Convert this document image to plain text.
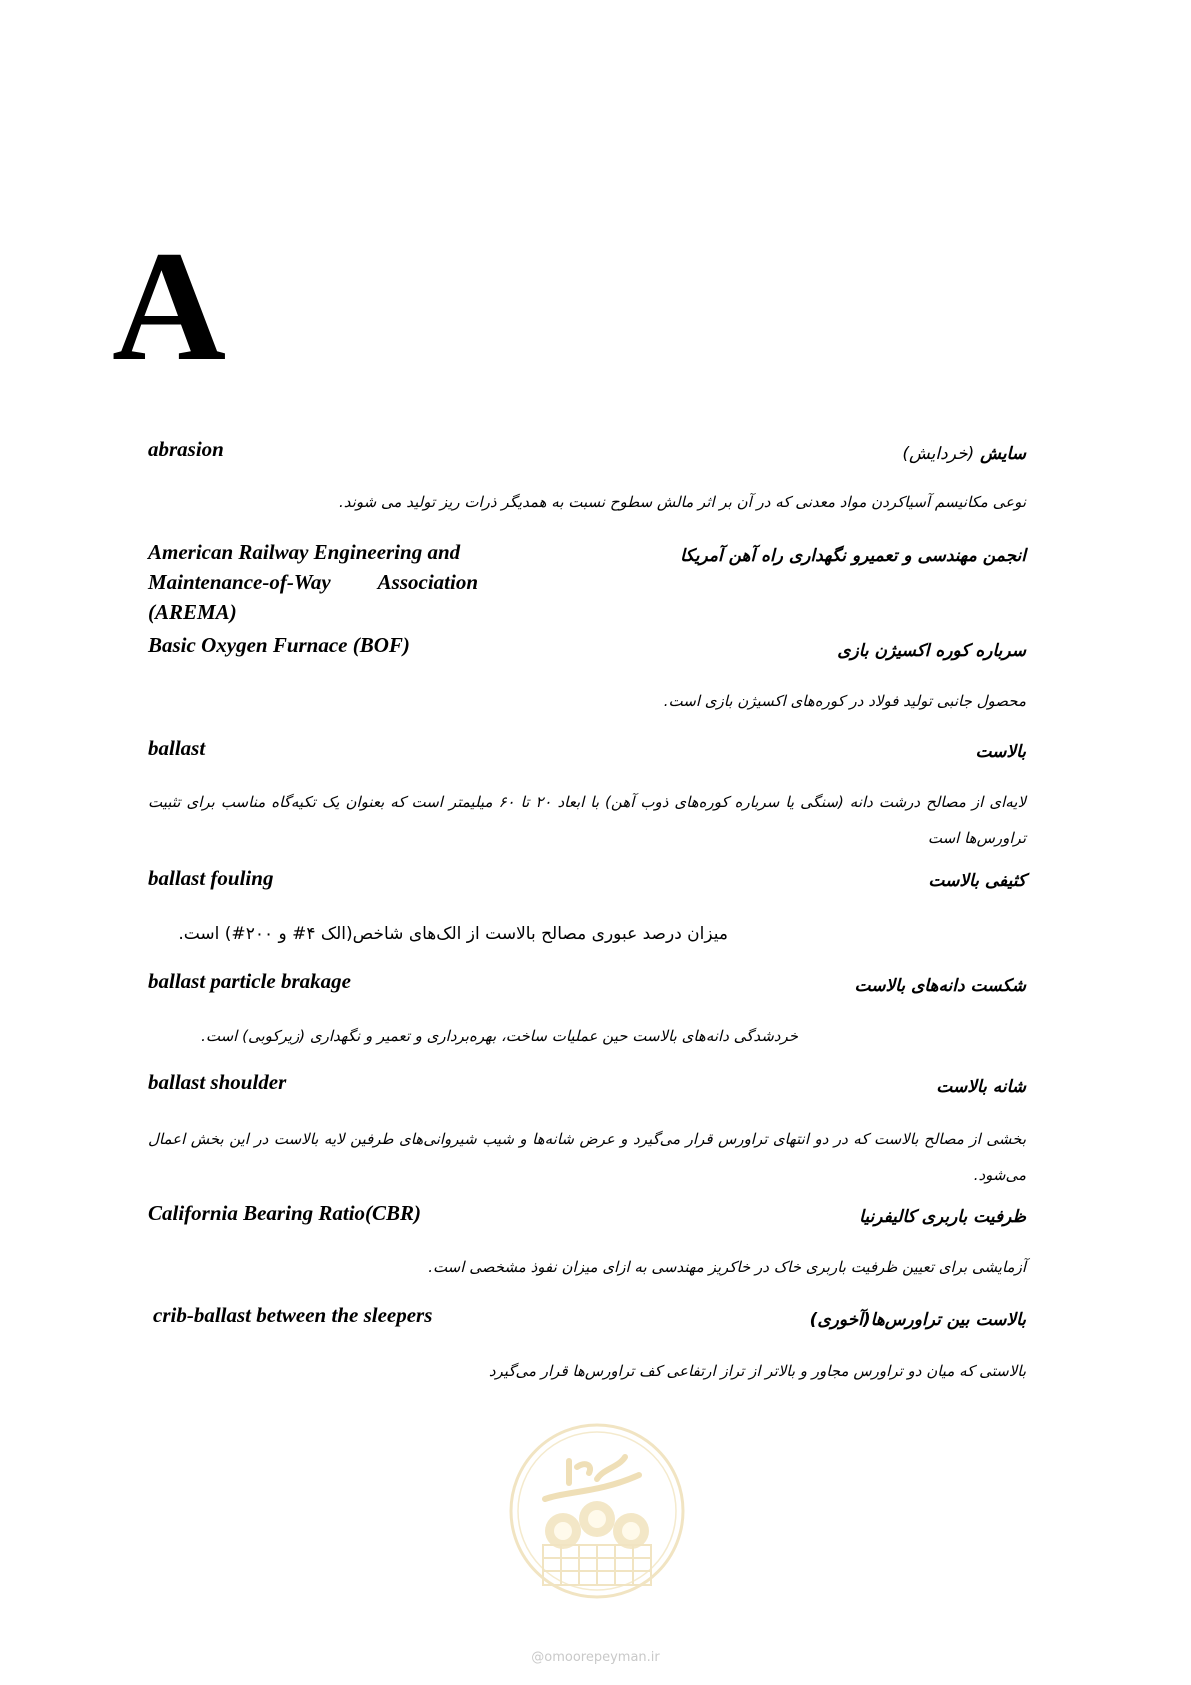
A
abrasion	سایش (خردایش)
نوعی مکانیسم آسیاکردن مواد معدنی که در آن بر اثر مالش سطوح نسبت به همدیگر ذرات ریز تولید می شوند.
American Railway Engineering and
Maintenance-of-Way Association
(AREMA)
انجمن مهندسی و تعمیرو نگهداری راه آهن آمریکا
Basic Oxygen Furnace (BOF)	سرباره کوره اکسیژن بازی
محصول جانبی تولید فولاد در کوره‌های اکسیژن بازی است.
ballast	بالاست
لایه‌ای از مصالح درشت دانه (سنگی یا سرباره کوره‌های ذوب آهن) با ابعاد ۲۰ تا ۶۰ میلیمتر است که بعنوان یک تکیه‌گاه مناسب برای تثبیت تراورس‌ها است
ballast fouling	کثیفی بالاست
میزان درصد عبوری مصالح بالاست از الک‌های شاخص(الک ۴# و ۲۰۰#) است.
ballast particle brakage	شکست دانه‌های بالاست
خردشدگی دانه‌های بالاست حین عملیات ساخت، بهره‌برداری و تعمیر و نگهداری (زیرکوبی) است.
ballast shoulder	شانه بالاست
بخشی از مصالح بالاست که در دو انتهای تراورس قرار می‌گیرد و عرض شانه‌ها و شیب شیروانی‌های طرفین لایه بالاست در این بخش اعمال می‌شود.
California Bearing Ratio(CBR)	ظرفیت باربری کالیفرنیا
آزمایشی برای تعیین ظرفیت باربری خاک در خاکریز مهندسی به ازای میزان نفوذ مشخصی است.
crib-ballast between the sleepers	بالاست بین تراورس‌ها(آخوری)
بالاستی که میان دو تراورس مجاور و بالاتر از تراز ارتفاعی کف تراورس‌ها قرار می‌گیرد
@omoorepeyman.ir
